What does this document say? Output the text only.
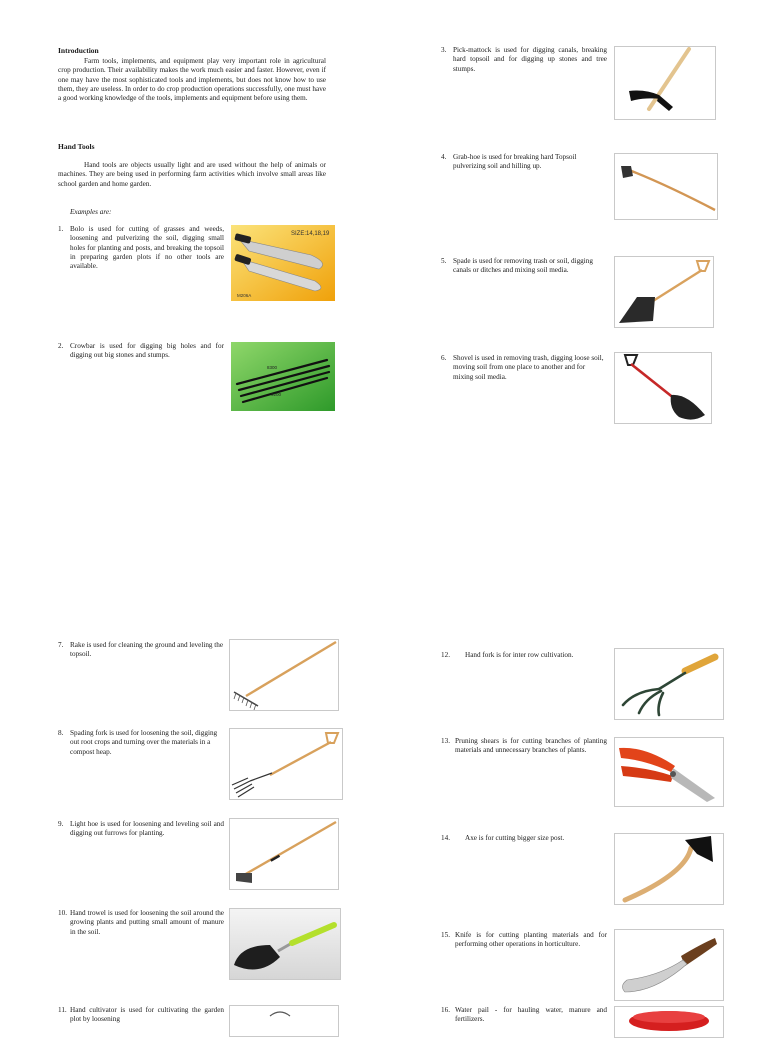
Introduction
Farm tools, implements, and equipment play very important role in agricultural crop production. Their availability makes the work much easier and faster. However, even if one may have the most sophisticated tools and implements, but does not know how to use them, they are useless. In order to do crop production operations successfully, one must have a good working knowledge of the tools, implements and equipment before using them.
Hand Tools
Hand tools are objects usually light and are used without the help of animals or machines. They are being used in performing farm activities which involve small areas like school garden and home garden.
Examples are:
1. Bolo is used for cutting of grasses and weeds, loosening and pulverizing the soil, digging small holes for planting and posts, and breaking the topsoil in preparing garden plots if no other tools are available.
SIZE:14,18,19
M206A
2. Crowbar is used for digging big holes and for digging out big stones and stumps.
8300
9200
7. Rake is used for cleaning the ground and leveling the topsoil.
8. Spading fork is used for loosening the soil, digging out root crops and turning over the materials in a compost heap.
9. Light hoe is used for loosening and leveling soil and digging out furrows for planting.
10. Hand trowel is used for loosening the soil around the growing plants and putting small amount of manure in the soil.
11. Hand cultivator is used for cultivating the garden plot by loosening
3. Pick-mattock is used for digging canals, breaking hard topsoil and for digging up stones and tree stumps.
4. Grab-hoe is used for breaking hard Topsoil pulverizing soil and hilling up.
5. Spade is used for removing trash or soil, digging canals or ditches and mixing soil media.
6. Shovel is used in removing trash, digging loose soil, moving soil from one place to another and for mixing soil media.
12. Hand fork is for inter row cultivation.
13. Pruning shears is for cutting branches of planting materials and unnecessary branches of plants.
14. Axe is for cutting bigger size post.
15. Knife is for cutting planting materials and for performing other operations in horticulture.
16. Water pail - for hauling water, manure and fertilizers.
